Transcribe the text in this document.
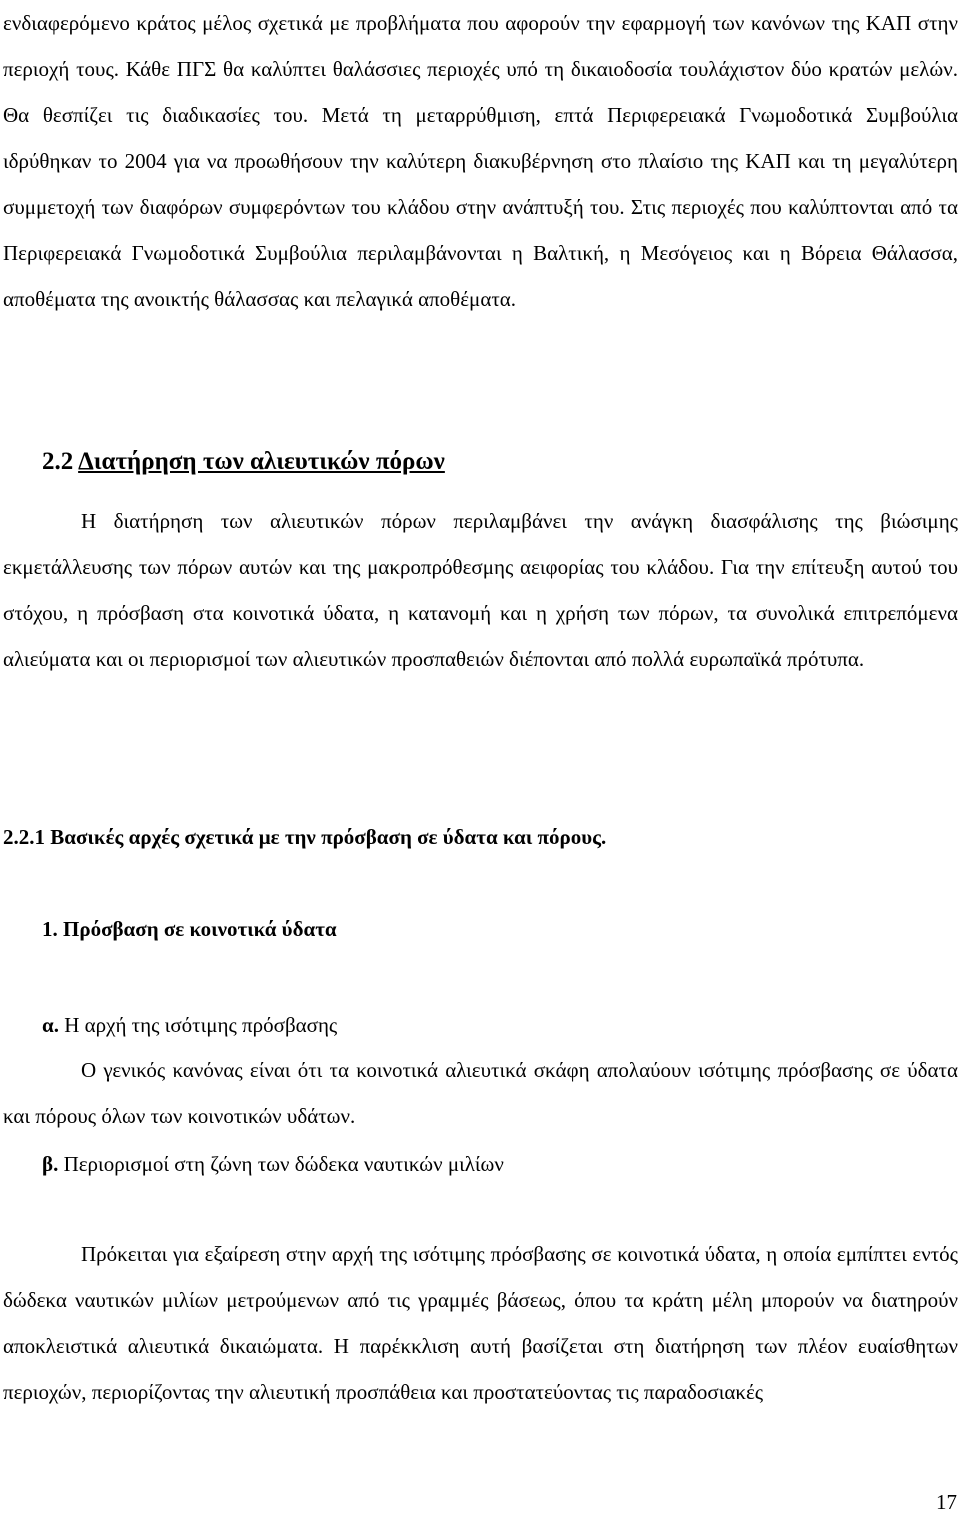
ενδιαφερόμενο κράτος μέλος σχετικά με προβλήματα που αφορούν την εφαρμογή των κανόνων της ΚΑΠ στην περιοχή τους. Κάθε ΠΓΣ θα καλύπτει θαλάσσιες περιοχές υπό τη δικαιοδοσία τουλάχιστον δύο κρατών μελών. Θα θεσπίζει τις διαδικασίες του. Μετά τη μεταρρύθμιση, επτά Περιφερειακά Γνωμοδοτικά Συμβούλια ιδρύθηκαν το 2004 για να προωθήσουν την καλύτερη διακυβέρνηση στο πλαίσιο της ΚΑΠ και τη μεγαλύτερη συμμετοχή των διαφόρων συμφερόντων του κλάδου στην ανάπτυξή του. Στις περιοχές που καλύπτονται από τα Περιφερειακά Γνωμοδοτικά Συμβούλια περιλαμβάνονται η Βαλτική, η Μεσόγειος και η Βόρεια Θάλασσα, αποθέματα της ανοικτής θάλασσας και πελαγικά αποθέματα.

2.2 Διατήρηση των αλιευτικών πόρων

Η διατήρηση των αλιευτικών πόρων περιλαμβάνει την ανάγκη διασφάλισης της βιώσιμης εκμετάλλευσης των πόρων αυτών και της μακροπρόθεσμης αειφορίας του κλάδου. Για την επίτευξη αυτού του στόχου, η πρόσβαση στα κοινοτικά ύδατα, η κατανομή και η χρήση των πόρων, τα συνολικά επιτρεπόμενα αλιεύματα και οι περιορισμοί των αλιευτικών προσπαθειών διέπονται από πολλά ευρωπαϊκά πρότυπα.

2.2.1 Βασικές αρχές σχετικά με την πρόσβαση σε ύδατα και πόρους.
1. Πρόσβαση σε κοινοτικά ύδατα

α. Η αρχή της ισότιμης πρόσβασης

Ο γενικός κανόνας είναι ότι τα κοινοτικά αλιευτικά σκάφη απολαύουν ισότιμης πρόσβασης σε ύδατα και πόρους όλων των κοινοτικών υδάτων.

β. Περιορισμοί στη ζώνη των δώδεκα ναυτικών μιλίων

Πρόκειται για εξαίρεση στην αρχή της ισότιμης πρόσβασης σε κοινοτικά ύδατα, η οποία εμπίπτει εντός δώδεκα ναυτικών μιλίων μετρούμενων από τις γραμμές βάσεως, όπου τα κράτη μέλη μπορούν να διατηρούν αποκλειστικά αλιευτικά δικαιώματα. Η παρέκκλιση αυτή βασίζεται στη διατήρηση των πλέον ευαίσθητων περιοχών, περιορίζοντας την αλιευτική προσπάθεια και προστατεύοντας τις παραδοσιακές

17
